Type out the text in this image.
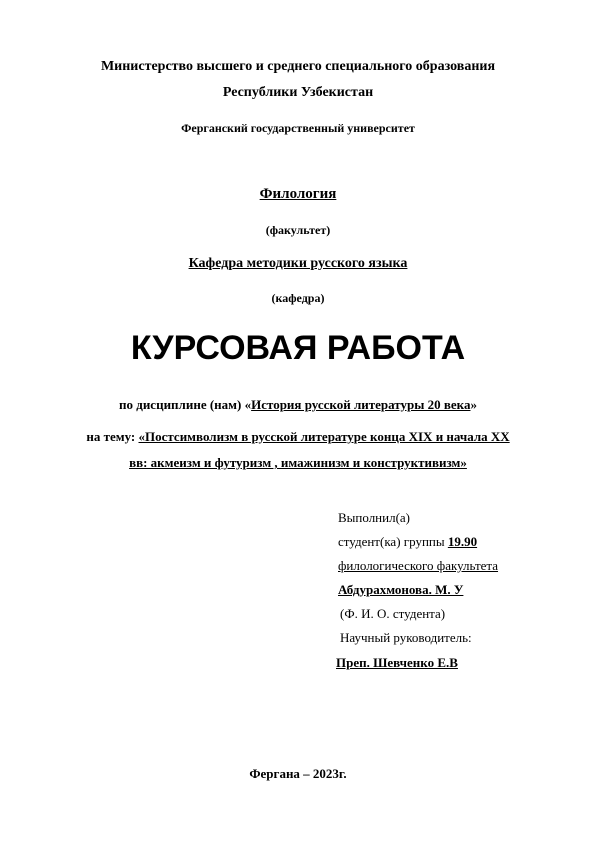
Министерство высшего и среднего специального образования
Республики Узбекистан
Ферганский государственный университет
Филология
(факультет)
Кафедра методики русского языка
(кафедра)
КУРСОВАЯ РАБОТА
по дисциплине (нам) «История русской литературы 20 века»
на тему: «Постсимволизм в русской литературе конца XIX и начала XX
вв: акмеизм и футуризм , имажинизм и конструктивизм»
Выполнил(а)
студент(ка) группы 19.90
филологического факультета
Абдурахмонова. М. У
(Ф. И. О. студента)
Научный руководитель:
Преп. Шевченко Е.В
Фергана – 2023г.
